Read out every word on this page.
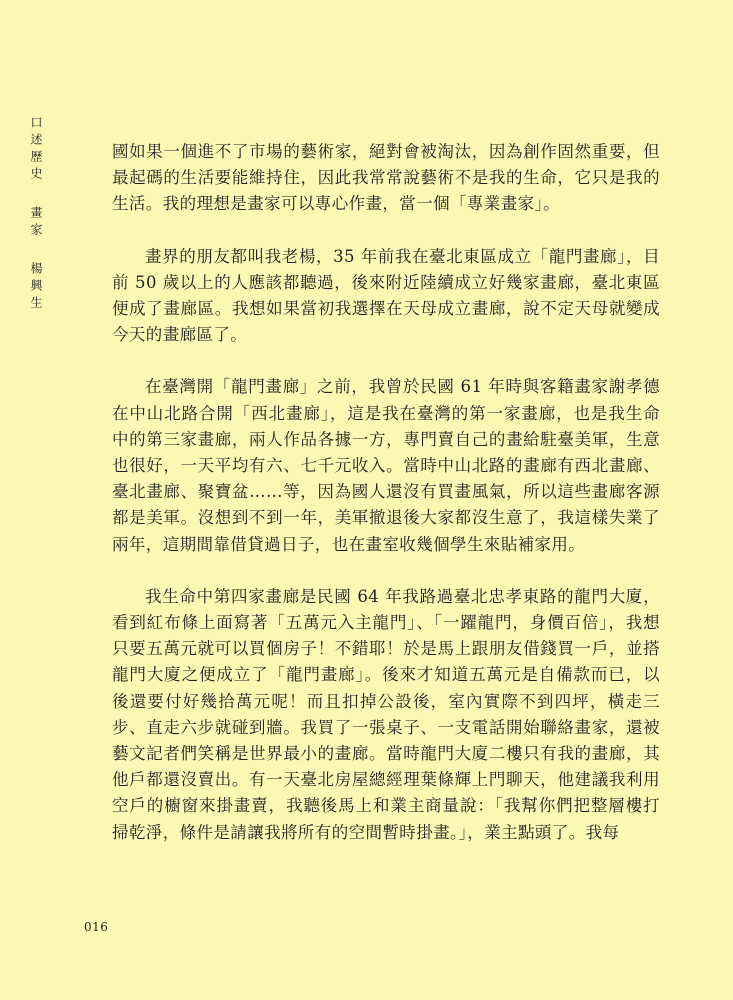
口述歷史畫家楊興生

國如果一個進不了市場的藝術家，絕對會被淘汰，因為創作固然重要，但最起碼的生活要能維持住，因此我常常說藝術不是我的生命，它只是我的生活。我的理想是畫家可以專心作畫，當一個「專業畫家」。

畫界的朋友都叫我老楊，35 年前我在臺北東區成立「龍門畫廊」，目前 50 歲以上的人應該都聽過，後來附近陸續成立好幾家畫廊，臺北東區便成了畫廊區。我想如果當初我選擇在天母成立畫廊，說不定天母就變成今天的畫廊區了。

在臺灣開「龍門畫廊」之前，我曾於民國 61 年時與客籍畫家謝孝德在中山北路合開「西北畫廊」，這是我在臺灣的第一家畫廊，也是我生命中的第三家畫廊，兩人作品各據一方，專門賣自己的畫給駐臺美軍，生意也很好，一天平均有六、七千元收入。當時中山北路的畫廊有西北畫廊、臺北畫廊、聚寶盆……等，因為國人還沒有買畫風氣，所以這些畫廊客源都是美軍。沒想到不到一年，美軍撤退後大家都沒生意了，我這樣失業了兩年，這期間靠借貸過日子，也在畫室收幾個學生來貼補家用。

我生命中第四家畫廊是民國 64 年我路過臺北忠孝東路的龍門大廈，看到紅布條上面寫著「五萬元入主龍門」、「一躍龍門，身價百倍」，我想只要五萬元就可以買個房子！不錯耶！於是馬上跟朋友借錢買一戶，並搭龍門大廈之便成立了「龍門畫廊」。後來才知道五萬元是自備款而已，以後還要付好幾拾萬元呢！而且扣掉公設後，室內實際不到四坪，橫走三步、直走六步就碰到牆。我買了一張桌子、一支電話開始聯絡畫家，還被藝文記者們笑稱是世界最小的畫廊。當時龍門大廈二樓只有我的畫廊，其他戶都還沒賣出。有一天臺北房屋總經理葉條輝上門聊天，他建議我利用空戶的櫥窗來掛畫賣，我聽後馬上和業主商量說：「我幫你們把整層樓打掃乾淨，條件是請讓我將所有的空間暫時掛畫。」，業主點頭了。我每

016
